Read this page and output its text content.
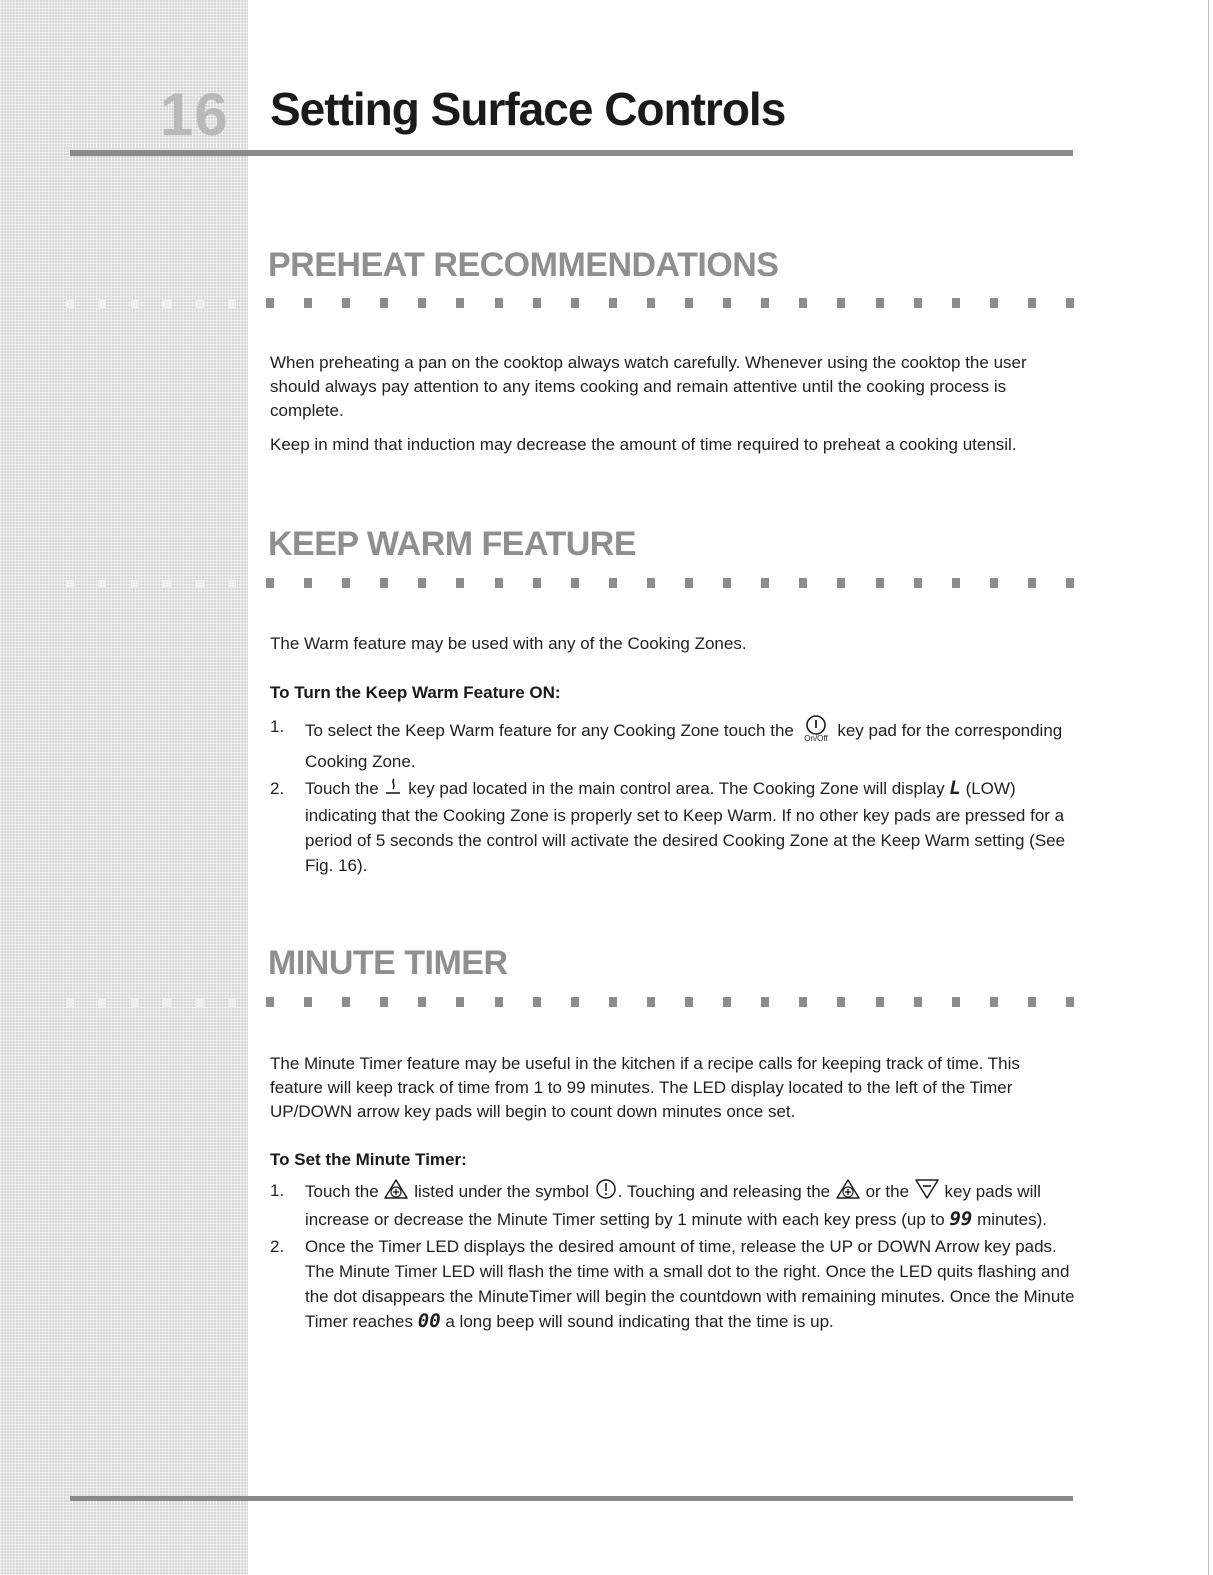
16 Setting Surface Controls
PREHEAT RECOMMENDATIONS

When preheating a pan on the cooktop always watch carefully. Whenever using the cooktop the user should always pay attention to any items cooking and remain attentive until the cooking process is complete.

Keep in mind that induction may decrease the amount of time required to preheat a cooking utensil.

KEEP WARM FEATURE

The Warm feature may be used with any of the Cooking Zones.

To Turn the Keep Warm Feature ON:
1. To select the Keep Warm feature for any Cooking Zone touch the On/Off key pad for the corresponding Cooking Zone.
2. Touch the key pad located in the main control area. The Cooking Zone will display L (LOW) indicating that the Cooking Zone is properly set to Keep Warm. If no other key pads are pressed for a period of 5 seconds the control will activate the desired Cooking Zone at the Keep Warm setting (See Fig. 16).
MINUTE TIMER

The Minute Timer feature may be useful in the kitchen if a recipe calls for keeping track of time. This feature will keep track of time from 1 to 99 minutes. The LED display located to the left of the Timer UP/DOWN arrow key pads will begin to count down minutes once set.

To Set the Minute Timer:
1. Touch the listed under the symbol . Touching and releasing the or the key pads will increase or decrease the Minute Timer setting by 1 minute with each key press (up to 99 minutes).
2. Once the Timer LED displays the desired amount of time, release the UP or DOWN Arrow key pads. The Minute Timer LED will flash the time with a small dot to the right. Once the LED quits flashing and the dot disappears the MinuteTimer will begin the countdown with remaining minutes. Once the Minute Timer reaches 00 a long beep will sound indicating that the time is up.
